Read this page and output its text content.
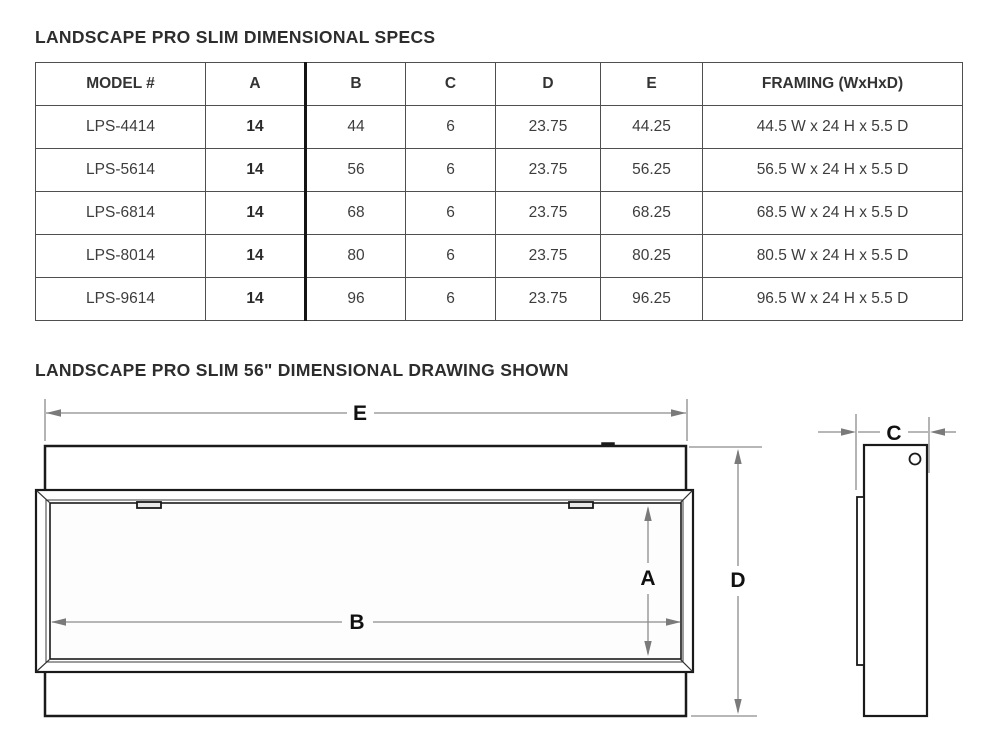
LANDSCAPE PRO SLIM DIMENSIONAL SPECS
MODEL #	A	B	C	D	E	FRAMING (WxHxD)
LPS-4414	14	44	6	23.75	44.25	44.5 W x 24 H x 5.5 D
LPS-5614	14	56	6	23.75	56.25	56.5 W x 24 H x 5.5 D
LPS-6814	14	68	6	23.75	68.25	68.5 W x 24 H x 5.5 D
LPS-8014	14	80	6	23.75	80.25	80.5 W x 24 H x 5.5 D
LPS-9614	14	96	6	23.75	96.25	96.5 W x 24 H x 5.5 D
LANDSCAPE PRO SLIM 56" DIMENSIONAL DRAWING SHOWN
E
B
A	D
C
